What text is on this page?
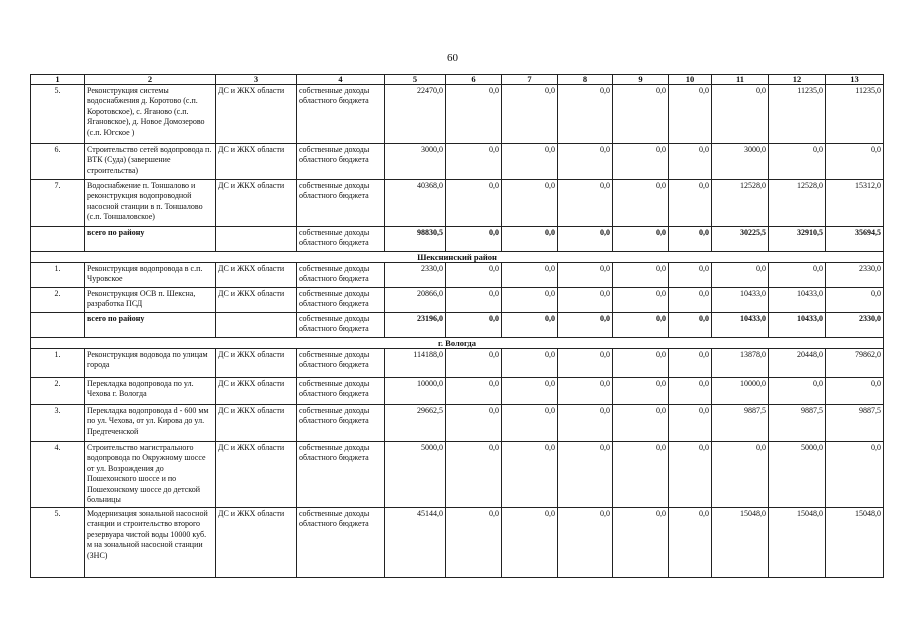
60
1	2	3	4	5	6	7	8	9	10	11	12	13
5.	Реконструкция системы водоснабжения д. Коротово (с.п. Коротовское), с. Яганово (с.п. Ягановское), д. Новое Домозерово (с.п. Югское )	ДС и ЖКХ области	собственные доходы областного бюджета	22470,0	0,0	0,0	0,0	0,0	0,0	0,0	11235,0	11235,0
6.	Строительство сетей водопровода п. ВТК (Суда) (завершение строительства)	ДС и ЖКХ области	собственные доходы областного бюджета	3000,0	0,0	0,0	0,0	0,0	0,0	3000,0	0,0	0,0
7.	Водоснабжение п. Тоншалово и реконструкция водопроводной насосной станции в п. Тоншалово (с.п. Тоншаловское)	ДС и ЖКХ области	собственные доходы областного бюджета	40368,0	0,0	0,0	0,0	0,0	0,0	12528,0	12528,0	15312,0
	всего по району		собственные доходы областного бюджета	98830,5	0,0	0,0	0,0	0,0	0,0	30225,5	32910,5	35694,5
Шекснинский район												
1.	Реконструкция водопровода в с.п. Чуровское	ДС и ЖКХ области	собственные доходы областного бюджета	2330,0	0,0	0,0	0,0	0,0	0,0	0,0	0,0	2330,0
2.	Реконструкция ОСВ п. Шексна, разработка ПСД	ДС и ЖКХ области	собственные доходы областного бюджета	20866,0	0,0	0,0	0,0	0,0	0,0	10433,0	10433,0	0,0
	всего по району		собственные доходы областного бюджета	23196,0	0,0	0,0	0,0	0,0	0,0	10433,0	10433,0	2330,0
г. Вологда												
1.	Реконструкция водовода по улицам города	ДС и ЖКХ области	собственные доходы областного бюджета	114188,0	0,0	0,0	0,0	0,0	0,0	13878,0	20448,0	79862,0
2.	Перекладка водопровода по ул. Чехова г. Вологда	ДС и ЖКХ области	собственные доходы областного бюджета	10000,0	0,0	0,0	0,0	0,0	0,0	10000,0	0,0	0,0
3.	Перекладка водопровода d - 600 мм по ул. Чехова, от ул. Кирова до ул. Предтеченской	ДС и ЖКХ области	собственные доходы областного бюджета	29662,5	0,0	0,0	0,0	0,0	0,0	9887,5	9887,5	9887,5
4.	Строительство магистрального водопровода по Окружному шоссе от ул. Возрождения до Пошехонского шоссе и по Пошехонскому шоссе до детской больницы	ДС и ЖКХ области	собственные доходы областного бюджета	5000,0	0,0	0,0	0,0	0,0	0,0	0,0	5000,0	0,0
5.	Модернизация зональной насосной станции и строительство второго резервуара чистой воды 10000 куб. м на зональной насосной станции (ЗНС)	ДС и ЖКХ области	собственные доходы областного бюджета	45144,0	0,0	0,0	0,0	0,0	0,0	15048,0	15048,0	15048,0
